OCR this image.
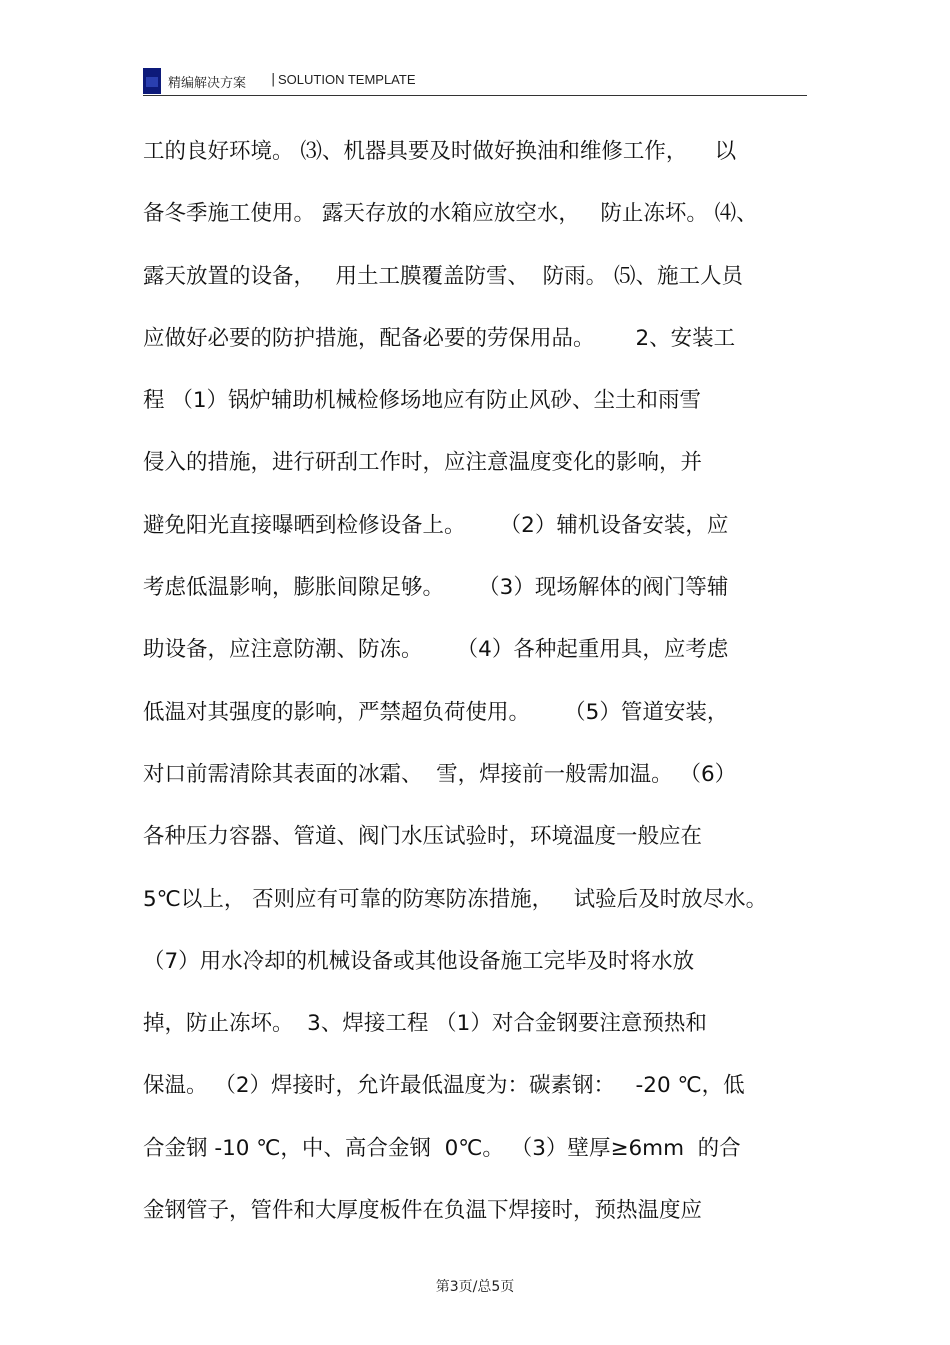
精编解决方案 | SOLUTION TEMPLATE
工的良好环境。 ⑶、机器具要及时做好换油和维修工作，    以
备冬季施工使用。 露天存放的水箱应放空水，   防止冻坏。 ⑷、
露天放置的设备，   用土工膜覆盖防雪、  防雨。 ⑸、施工人员
应做好必要的防护措施，配备必要的劳保用品。      2、安装工
程 （1）锅炉辅助机械检修场地应有防止风砂、尘土和雨雪
侵入的措施，进行研刮工作时，应注意温度变化的影响，并
避免阳光直接曝晒到检修设备上。     （2）辅机设备安装，应
考虑低温影响，膨胀间隙足够。     （3）现场解体的阀门等辅
助设备，应注意防潮、防冻。     （4）各种起重用具，应考虑
低温对其强度的影响，严禁超负荷使用。     （5）管道安装，
对口前需清除其表面的冰霜、  雪，焊接前一般需加温。 （6）
各种压力容器、管道、阀门水压试验时，环境温度一般应在
5℃以上， 否则应有可靠的防寒防冻措施，   试验后及时放尽水。
（7）用水冷却的机械设备或其他设备施工完毕及时将水放
掉，防止冻坏。  3、焊接工程 （1）对合金钢要注意预热和
保温。 （2）焊接时，允许最低温度为：碳素钢：   -20 ℃，低
合金钢 -10 ℃，中、高合金钢  0℃。 （3）壁厚≥6mm  的合
金钢管子，管件和大厚度板件在负温下焊接时，预热温度应
第3页/总5页
